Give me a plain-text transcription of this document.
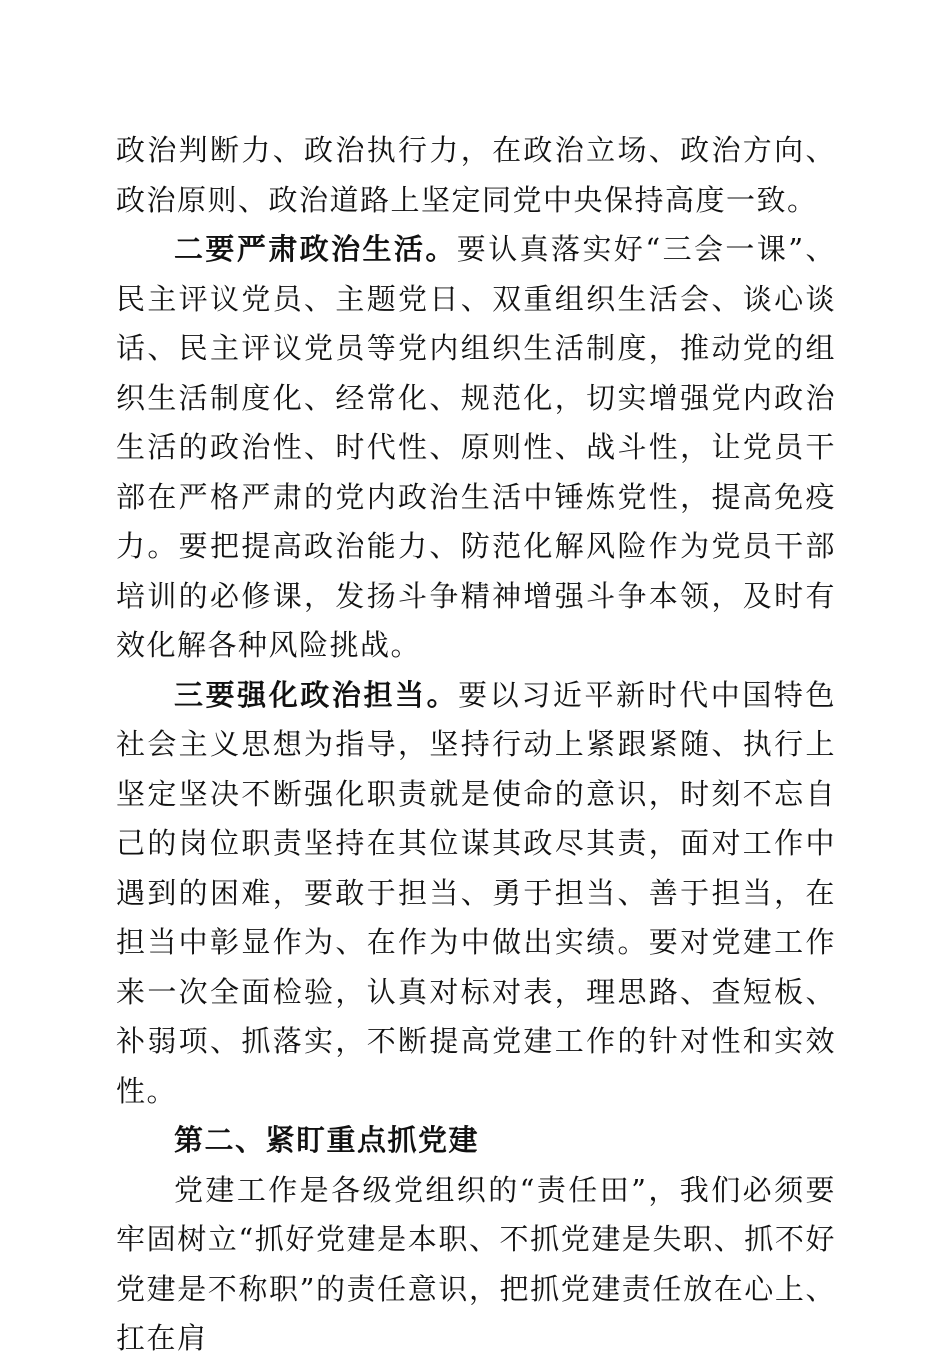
政治判断力、政治执行力，在政治立场、政治方向、政治原则、政治道路上坚定同党中央保持高度一致。

二要严肃政治生活。要认真落实好“三会一课”、民主评议党员、主题党日、双重组织生活会、谈心谈话、民主评议党员等党内组织生活制度，推动党的组织生活制度化、经常化、规范化，切实增强党内政治生活的政治性、时代性、原则性、战斗性，让党员干部在严格严肃的党内政治生活中锤炼党性，提高免疫力。要把提高政治能力、防范化解风险作为党员干部培训的必修课，发扬斗争精神增强斗争本领，及时有效化解各种风险挑战。

三要强化政治担当。要以习近平新时代中国特色社会主义思想为指导，坚持行动上紧跟紧随、执行上坚定坚决不断强化职责就是使命的意识，时刻不忘自己的岗位职责坚持在其位谋其政尽其责，面对工作中遇到的困难，要敢于担当、勇于担当、善于担当，在担当中彰显作为、在作为中做出实绩。要对党建工作来一次全面检验，认真对标对表，理思路、查短板、补弱项、抓落实，不断提高党建工作的针对性和实效性。

第二、紧盯重点抓党建

党建工作是各级党组织的“责任田”，我们必须要牢固树立“抓好党建是本职、不抓党建是失职、抓不好党建是不称职”的责任意识，把抓党建责任放在心上、扛在肩
